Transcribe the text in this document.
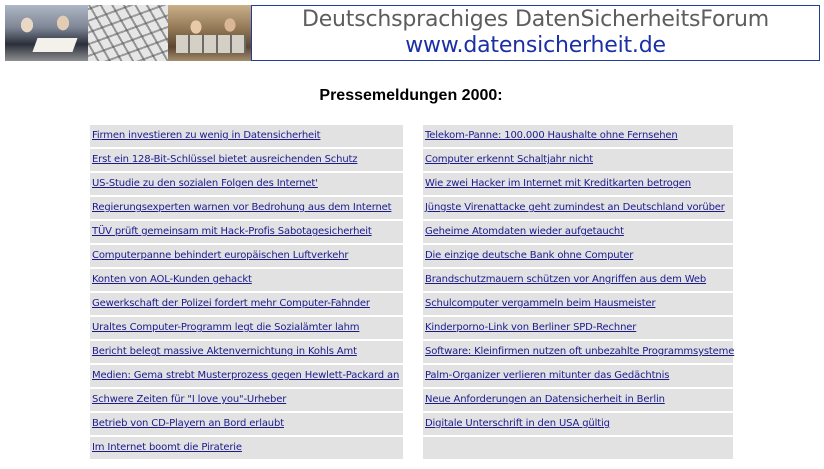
Deutschsprachiges DatenSicherheitsForum
www.datensicherheit.de
Pressemeldungen 2000:
Firmen investieren zu wenig in Datensicherheit
Erst ein 128-Bit-Schlüssel bietet ausreichenden Schutz
US-Studie zu den sozialen Folgen des Internet'
Regierungsexperten warnen vor Bedrohung aus dem Internet
TÜV prüft gemeinsam mit Hack-Profis Sabotagesicherheit
Computerpanne behindert europäischen Luftverkehr
Konten von AOL-Kunden gehackt
Gewerkschaft der Polizei fordert mehr Computer-Fahnder
Uraltes Computer-Programm legt die Sozialämter lahm
Bericht belegt massive Aktenvernichtung in Kohls Amt
Medien: Gema strebt Musterprozess gegen Hewlett-Packard an
Schwere Zeiten für "I love you"-Urheber
Betrieb von CD-Playern an Bord erlaubt
Im Internet boomt die Piraterie
Telekom-Panne: 100.000 Haushalte ohne Fernsehen
Computer erkennt Schaltjahr nicht
Wie zwei Hacker im Internet mit Kreditkarten betrogen
Jüngste Virenattacke geht zumindest an Deutschland vorüber
Geheime Atomdaten wieder aufgetaucht
Die einzige deutsche Bank ohne Computer
Brandschutzmauern schützen vor Angriffen aus dem Web
Schulcomputer vergammeln beim Hausmeister
Kinderporno-Link von Berliner SPD-Rechner
Software: Kleinfirmen nutzen oft unbezahlte Programmsysteme
Palm-Organizer verlieren mitunter das Gedächtnis
Neue Anforderungen an Datensicherheit in Berlin
Digitale Unterschrift in den USA gültig
